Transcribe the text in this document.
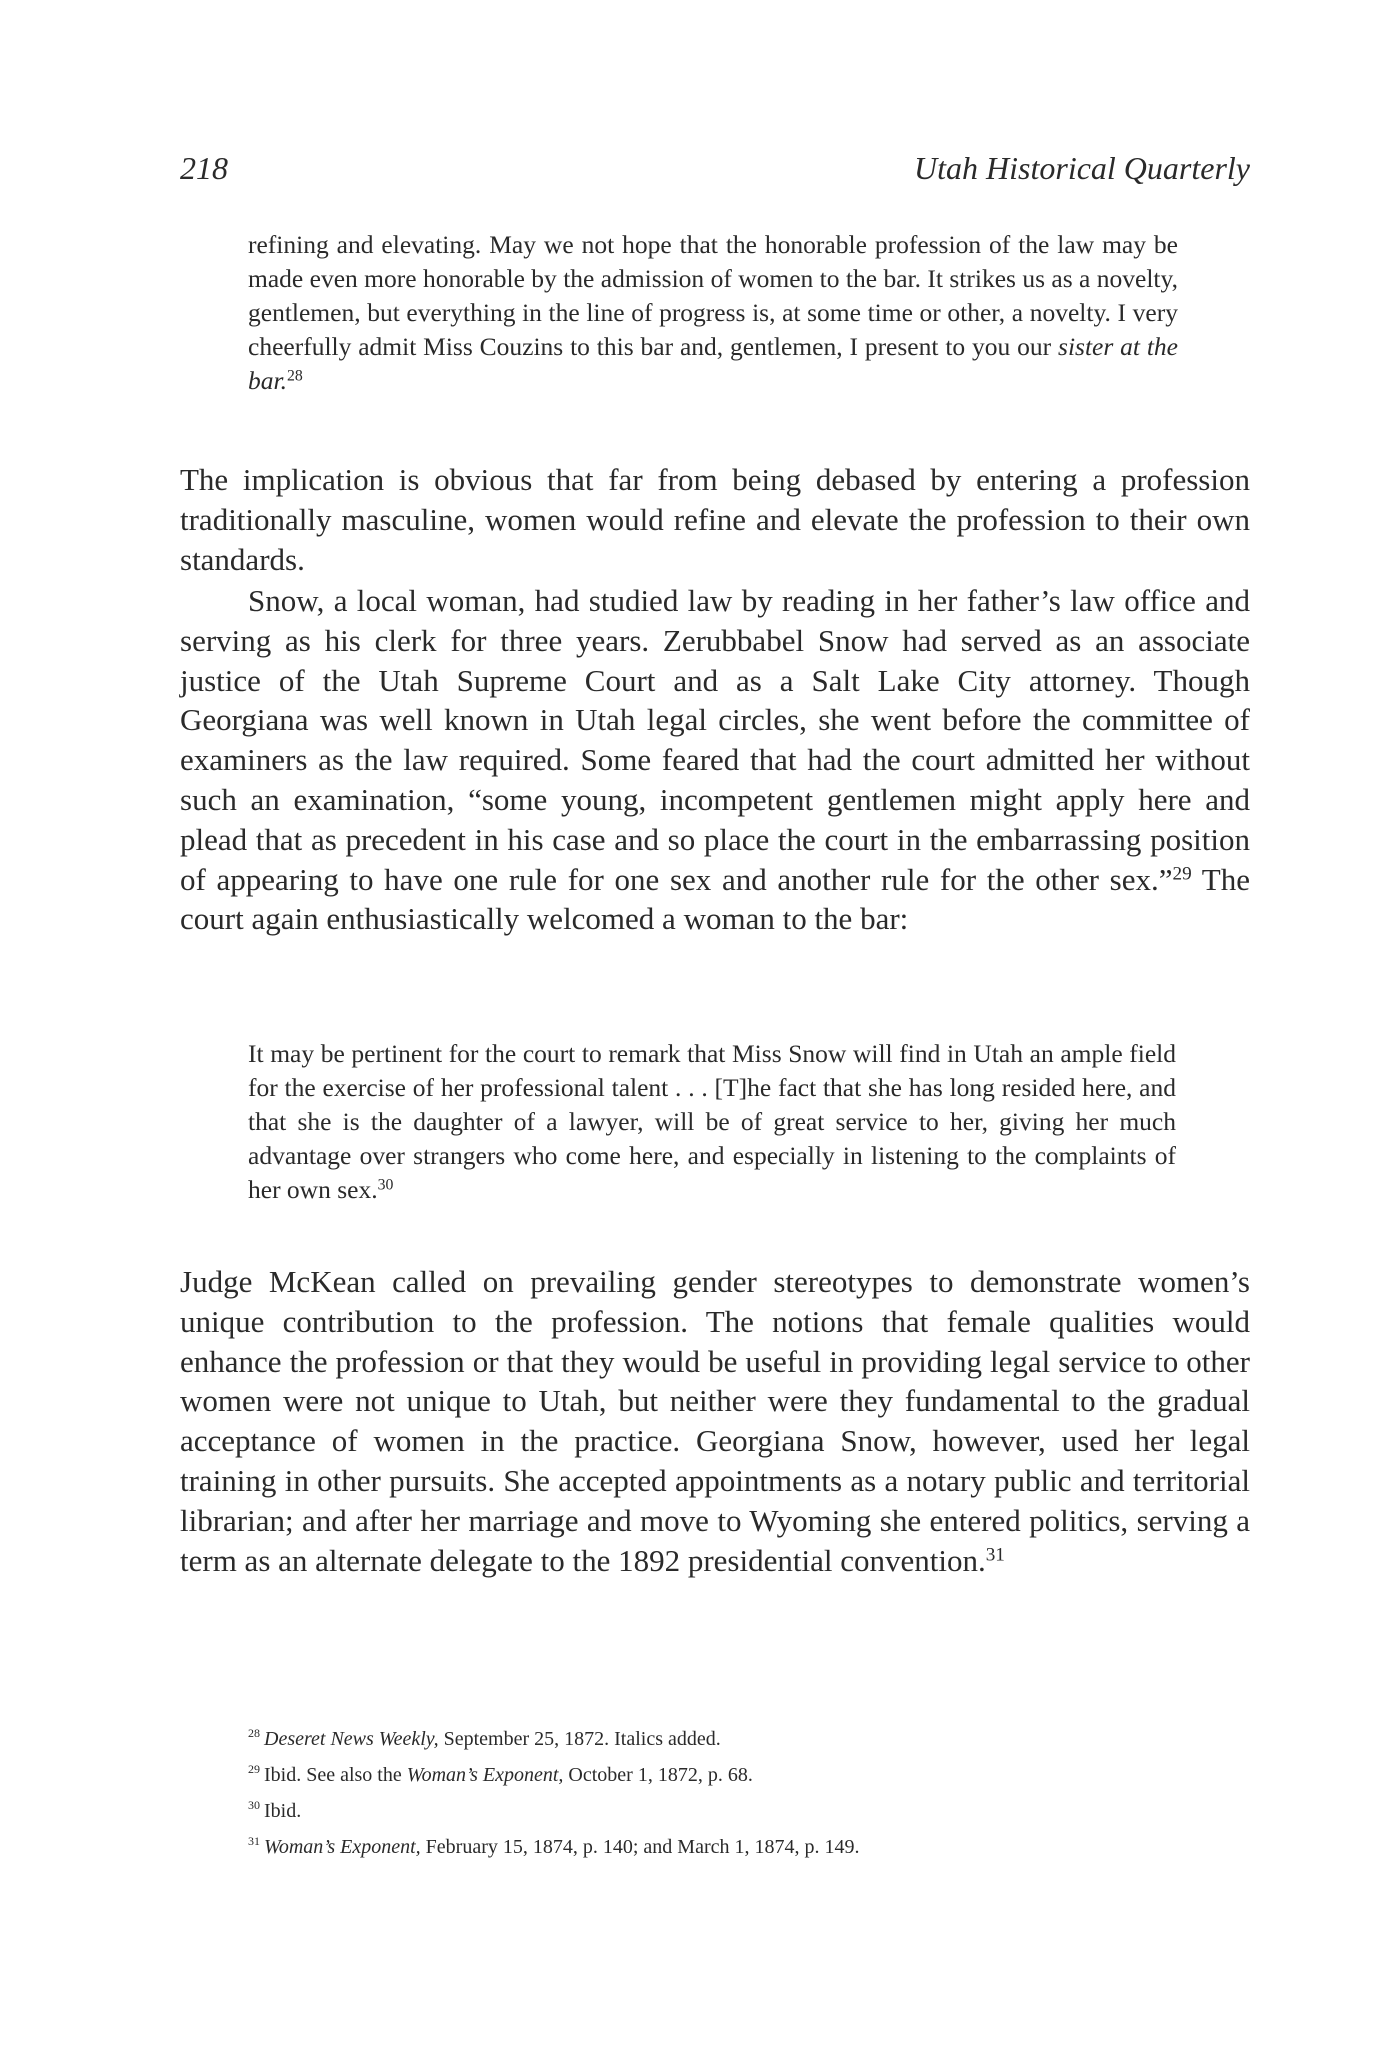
218	Utah Historical Quarterly

refining and elevating. May we not hope that the honorable profession of the law may be made even more honorable by the admission of women to the bar. It strikes us as a novelty, gentlemen, but everything in the line of progress is, at some time or other, a novelty. I very cheerfully admit Miss Couzins to this bar and, gentlemen, I present to you our sister at the bar.$^{28}$

The implication is obvious that far from being debased by entering a profession traditionally masculine, women would refine and elevate the profession to their own standards.

Snow, a local woman, had studied law by reading in her father’s law office and serving as his clerk for three years. Zerubbabel Snow had served as an associate justice of the Utah Supreme Court and as a Salt Lake City attorney. Though Georgiana was well known in Utah legal circles, she went before the committee of examiners as the law required. Some feared that had the court admitted her without such an examination, “some young, incompetent gentlemen might apply here and plead that as precedent in his case and so place the court in the embarrassing position of appearing to have one rule for one sex and another rule for the other sex.”$^{29}$ The court again enthusiastically welcomed a woman to the bar:

It may be pertinent for the court to remark that Miss Snow will find in Utah an ample field for the exercise of her professional talent . . . [T]he fact that she has long resided here, and that she is the daughter of a lawyer, will be of great service to her, giving her much advantage over strangers who come here, and especially in listening to the complaints of her own sex.$^{30}$

Judge McKean called on prevailing gender stereotypes to demonstrate women’s unique contribution to the profession. The notions that female qualities would enhance the profession or that they would be useful in providing legal service to other women were not unique to Utah, but neither were they fundamental to the gradual acceptance of women in the practice. Georgiana Snow, however, used her legal training in other pursuits. She accepted appointments as a notary public and territorial librarian; and after her marriage and move to Wyoming she entered politics, serving a term as an alternate delegate to the 1892 presidential convention.$^{31}$

$^{28}$ Deseret News Weekly, September 25, 1872. Italics added.
$^{29}$ Ibid. See also the Woman’s Exponent, October 1, 1872, p. 68.
$^{30}$ Ibid.
$^{31}$ Woman’s Exponent, February 15, 1874, p. 140; and March 1, 1874, p. 149.
